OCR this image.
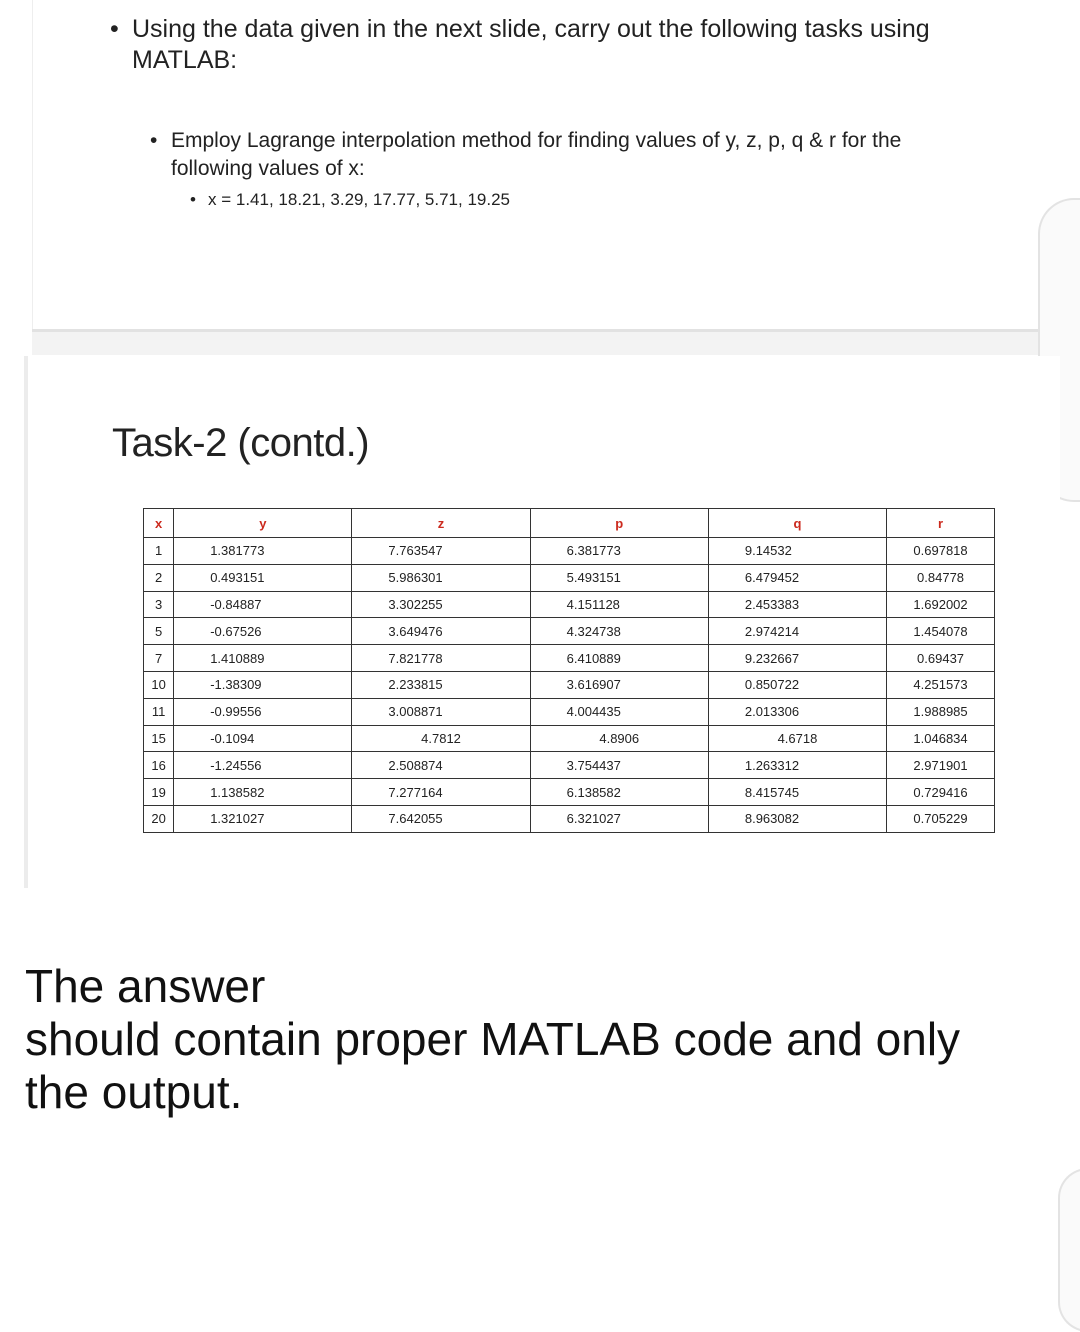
• Using the data given in the next slide, carry out the following tasks using MATLAB:
• Employ Lagrange interpolation method for finding values of y, z, p, q & r for the following values of x:
• x = 1.41, 18.21, 3.29, 17.77, 5.71, 19.25
Task-2 (contd.)
x	y	z	p	q	r
1	1.381773	7.763547	6.381773	9.14532	0.697818
2	0.493151	5.986301	5.493151	6.479452	0.84778
3	-0.84887	3.302255	4.151128	2.453383	1.692002
5	-0.67526	3.649476	4.324738	2.974214	1.454078
7	1.410889	7.821778	6.410889	9.232667	0.69437
10	-1.38309	2.233815	3.616907	0.850722	4.251573
11	-0.99556	3.008871	4.004435	2.013306	1.988985
15	-0.1094	4.7812	4.8906	4.6718	1.046834
16	-1.24556	2.508874	3.754437	1.263312	2.971901
19	1.138582	7.277164	6.138582	8.415745	0.729416
20	1.321027	7.642055	6.321027	8.963082	0.705229
The answer
should contain proper MATLAB code and only
the output.
